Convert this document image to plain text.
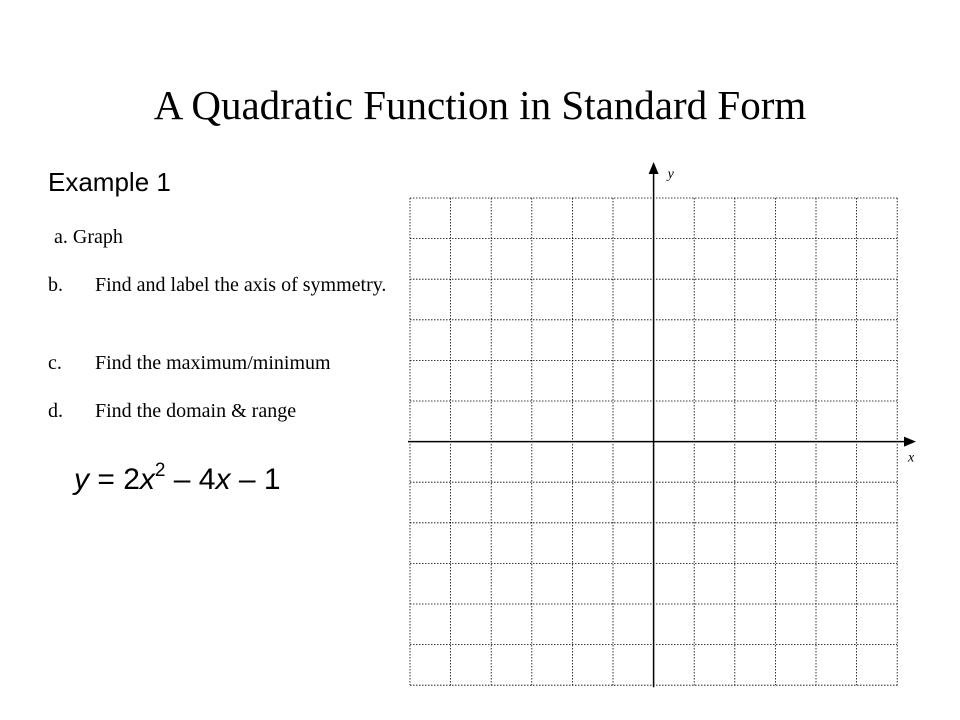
A Quadratic Function in Standard Form
Example 1
a. Graph
b. Find and label the axis of symmetry.
c. Find the maximum/minimum
d. Find the domain & range
$y = 2x^2 - 4x - 1$
y
x
